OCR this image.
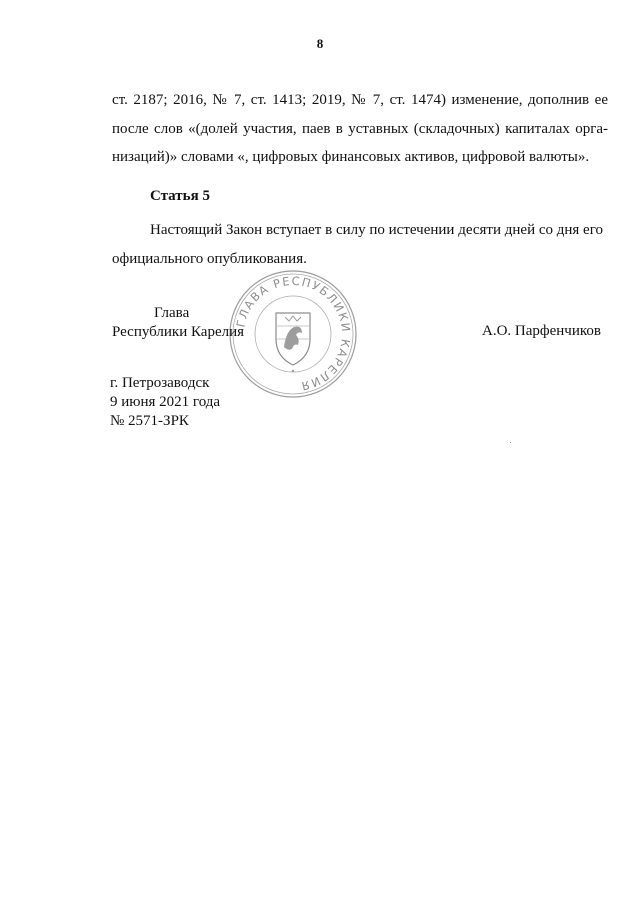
8
ст. 2187; 2016, № 7, ст. 1413; 2019, № 7, ст. 1474) изменение, дополнив ее
после слов «(долей участия, паев в уставных (складочных) капиталах орга-
низаций)» словами «, цифровых финансовых активов, цифровой валюты».
Статья 5
Настоящий Закон вступает в силу по истечении десяти дней со дня его
официального опубликования.
ГЛАВА РЕСПУБЛИКИ КАРЕЛИЯ
Глава
Республики Карелия	А.О. Парфенчиков
г. Петрозаводск
9 июня 2021 года
№ 2571-ЗРК
